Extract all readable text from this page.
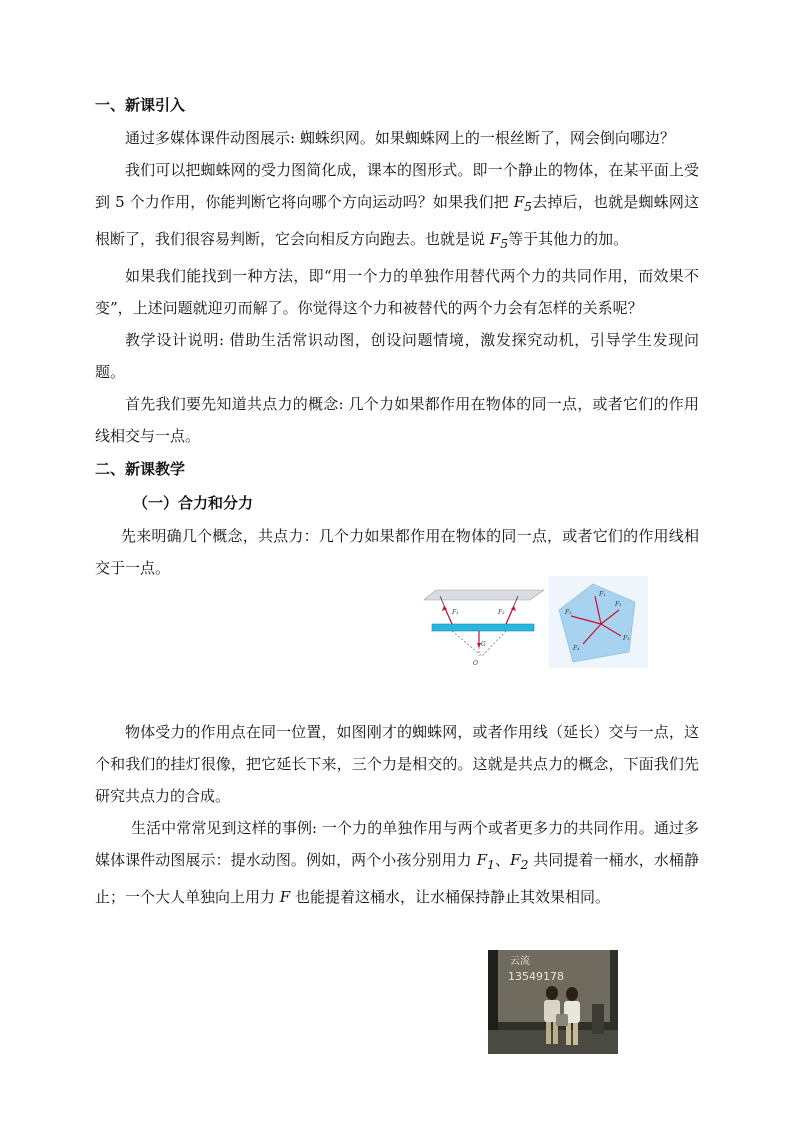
一、新课引入

通过多媒体课件动图展示: 蜘蛛织网。如果蜘蛛网上的一根丝断了，网会倒向哪边？

我们可以把蜘蛛网的受力图简化成，课本的图形式。即一个静止的物体，在某平面上受到 5 个力作用，你能判断它将向哪个方向运动吗？如果我们把 $F_5$去掉后，也就是蜘蛛网这根断了，我们很容易判断，它会向相反方向跑去。也就是说 $F_5$等于其他力的加。

如果我们能找到一种方法，即“用一个力的单独作用替代两个力的共同作用，而效果不变”，上述问题就迎刃而解了。你觉得这个力和被替代的两个力会有怎样的关系呢？

教学设计说明: 借助生活常识动图，创设问题情境，激发探究动机，引导学生发现问题。

首先我们要先知道共点力的概念: 几个力如果都作用在物体的同一点，或者它们的作用线相交与一点。

二、新课教学
（一）合力和分力

先来明确几个概念，共点力：几个力如果都作用在物体的同一点，或者它们的作用线相交于一点。

物体受力的作用点在同一位置，如图刚才的蜘蛛网，或者作用线（延长）交与一点，这个和我们的挂灯很像，把它延长下来，三个力是相交的。这就是共点力的概念，下面我们先研究共点力的合成。

生活中常常见到这样的事例: 一个力的单独作用与两个或者更多力的共同作用。通过多媒体课件动图展示：提水动图。例如，两个小孩分别用力 $F_1$、$F_2$ 共同提着一桶水，水桶静止；一个大人单独向上用力 F 也能提着这桶水，让水桶保持静止其效果相同。

F₁	F₂
G
O
F₁
F₂
F₃
F₄
F₅
云流
13549178
